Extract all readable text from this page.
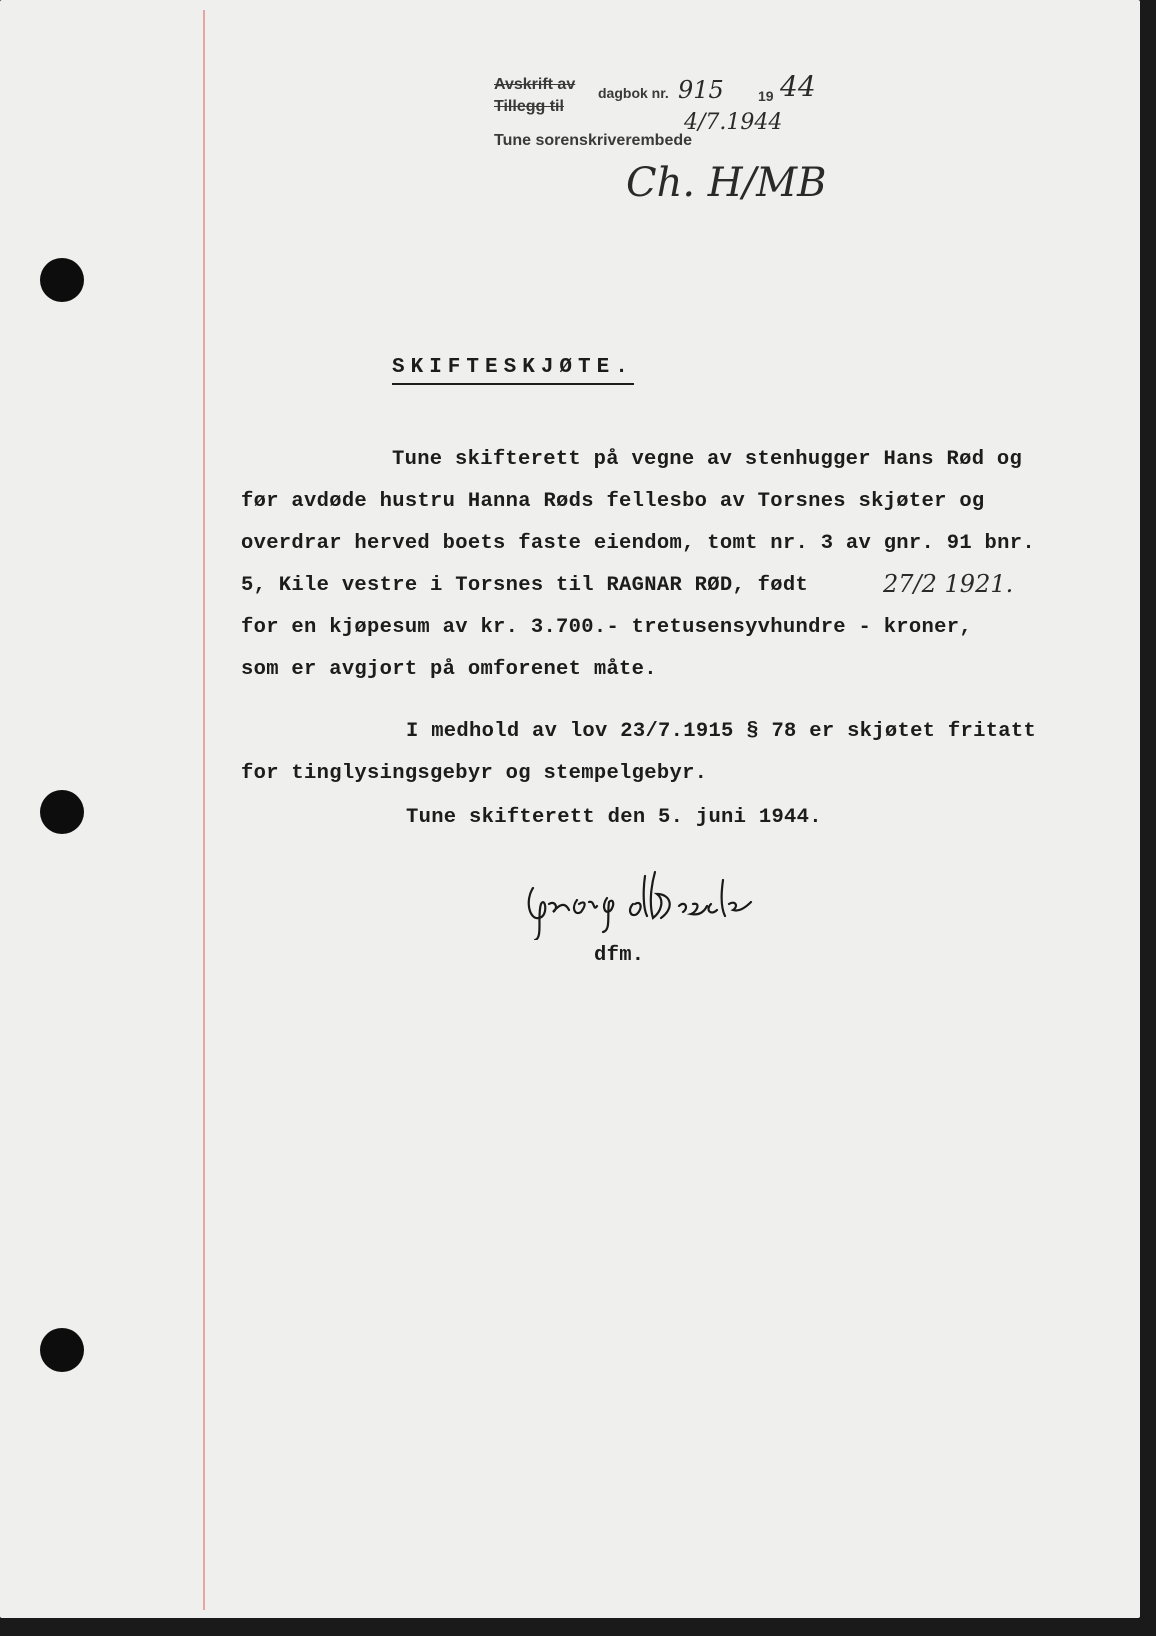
Avskrift av
Tillegg til
dagbok nr. 915 19 44
4/7.1944
Tune sorenskriverembede
Ch. H/MB
SKIFTESKJØTE.
Tune skifterett på vegne av stenhugger Hans Rød og
før avdøde hustru Hanna Røds fellesbo av Torsnes skjøter og
overdrar herved boets faste eiendom, tomt nr. 3 av gnr. 91 bnr.
5, Kile vestre i Torsnes til RAGNAR RØD, født	27/2 1921.
for en kjøpesum av kr. 3.700.- tretusensyvhundre - kroner,
som er avgjort på omforenet måte.
I medhold av lov 23/7.1915 § 78 er skjøtet fritatt
for tinglysingsgebyr og stempelgebyr.
Tune skifterett den 5. juni 1944.
dfm.
